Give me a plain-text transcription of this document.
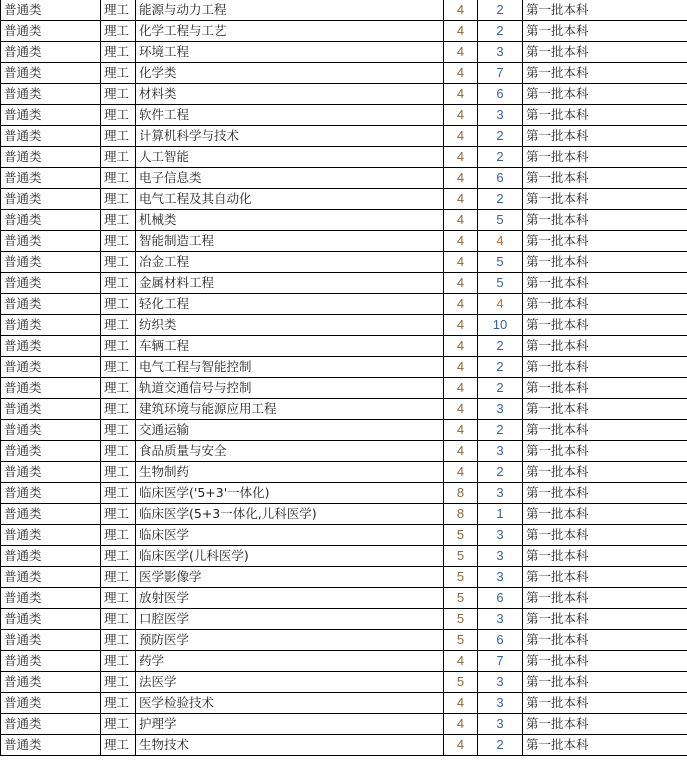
普通类	理工	能源与动力工程	4	2	第一批本科
普通类	理工	化学工程与工艺	4	2	第一批本科
普通类	理工	环境工程	4	3	第一批本科
普通类	理工	化学类	4	7	第一批本科
普通类	理工	材料类	4	6	第一批本科
普通类	理工	软件工程	4	3	第一批本科
普通类	理工	计算机科学与技术	4	2	第一批本科
普通类	理工	人工智能	4	2	第一批本科
普通类	理工	电子信息类	4	6	第一批本科
普通类	理工	电气工程及其自动化	4	2	第一批本科
普通类	理工	机械类	4	5	第一批本科
普通类	理工	智能制造工程	4	4	第一批本科
普通类	理工	冶金工程	4	5	第一批本科
普通类	理工	金属材料工程	4	5	第一批本科
普通类	理工	轻化工程	4	4	第一批本科
普通类	理工	纺织类	4	10	第一批本科
普通类	理工	车辆工程	4	2	第一批本科
普通类	理工	电气工程与智能控制	4	2	第一批本科
普通类	理工	轨道交通信号与控制	4	2	第一批本科
普通类	理工	建筑环境与能源应用工程	4	3	第一批本科
普通类	理工	交通运输	4	2	第一批本科
普通类	理工	食品质量与安全	4	3	第一批本科
普通类	理工	生物制药	4	2	第一批本科
普通类	理工	临床医学('5+3'一体化)	8	3	第一批本科
普通类	理工	临床医学(5+3一体化,儿科医学)	8	1	第一批本科
普通类	理工	临床医学	5	3	第一批本科
普通类	理工	临床医学(儿科医学)	5	3	第一批本科
普通类	理工	医学影像学	5	3	第一批本科
普通类	理工	放射医学	5	6	第一批本科
普通类	理工	口腔医学	5	3	第一批本科
普通类	理工	预防医学	5	6	第一批本科
普通类	理工	药学	4	7	第一批本科
普通类	理工	法医学	5	3	第一批本科
普通类	理工	医学检验技术	4	3	第一批本科
普通类	理工	护理学	4	3	第一批本科
普通类	理工	生物技术	4	2	第一批本科
